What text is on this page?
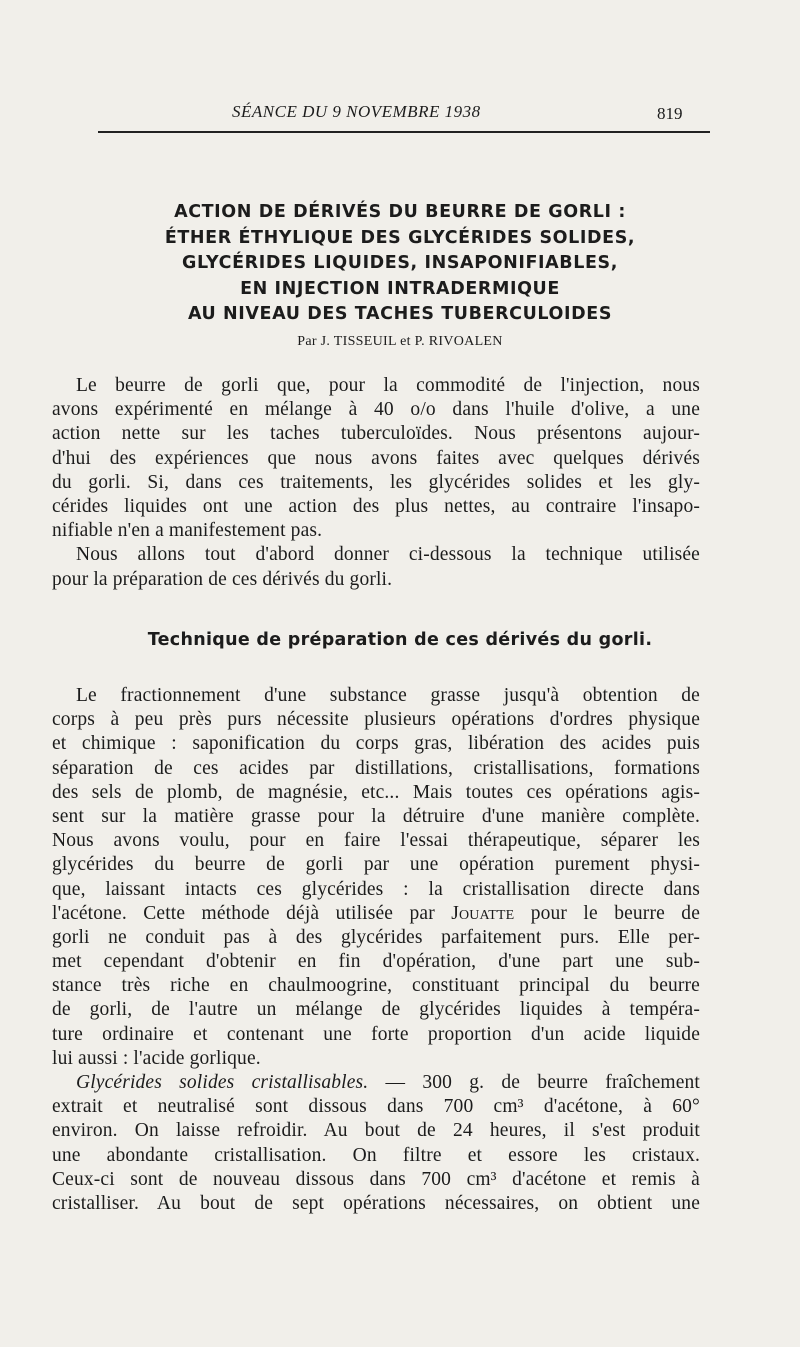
SÉANCE DU 9 NOVEMBRE 1938	819
ACTION DE DÉRIVÉS DU BEURRE DE GORLI :
ÉTHER ÉTHYLIQUE DES GLYCÉRIDES SOLIDES,
GLYCÉRIDES LIQUIDES, INSAPONIFIABLES,
EN INJECTION INTRADERMIQUE
AU NIVEAU DES TACHES TUBERCULOIDES
Par J. TISSEUIL et P. RIVOALEN
Le beurre de gorli que, pour la commodité de l'injection, nous
avons expérimenté en mélange à 40 o/o dans l'huile d'olive, a une
action nette sur les taches tuberculoïdes. Nous présentons aujour-
d'hui des expériences que nous avons faites avec quelques dérivés
du gorli. Si, dans ces traitements, les glycérides solides et les gly-
cérides liquides ont une action des plus nettes, au contraire l'insapo-
nifiable n'en a manifestement pas.
Nous allons tout d'abord donner ci-dessous la technique utilisée
pour la préparation de ces dérivés du gorli.
Technique de préparation de ces dérivés du gorli.
Le fractionnement d'une substance grasse jusqu'à obtention de
corps à peu près purs nécessite plusieurs opérations d'ordres physique
et chimique : saponification du corps gras, libération des acides puis
séparation de ces acides par distillations, cristallisations, formations
des sels de plomb, de magnésie, etc... Mais toutes ces opérations agis-
sent sur la matière grasse pour la détruire d'une manière complète.
Nous avons voulu, pour en faire l'essai thérapeutique, séparer les
glycérides du beurre de gorli par une opération purement physi-
que, laissant intacts ces glycérides : la cristallisation directe dans
l'acétone. Cette méthode déjà utilisée par Jouatte pour le beurre de
gorli ne conduit pas à des glycérides parfaitement purs. Elle per-
met cependant d'obtenir en fin d'opération, d'une part une sub-
stance très riche en chaulmoogrine, constituant principal du beurre
de gorli, de l'autre un mélange de glycérides liquides à tempéra-
ture ordinaire et contenant une forte proportion d'un acide liquide
lui aussi : l'acide gorlique.
Glycérides solides cristallisables. — 300 g. de beurre fraîchement
extrait et neutralisé sont dissous dans 700 cm³ d'acétone, à 60°
environ. On laisse refroidir. Au bout de 24 heures, il s'est produit
une abondante cristallisation. On filtre et essore les cristaux.
Ceux-ci sont de nouveau dissous dans 700 cm³ d'acétone et remis à
cristalliser. Au bout de sept opérations nécessaires, on obtient une
